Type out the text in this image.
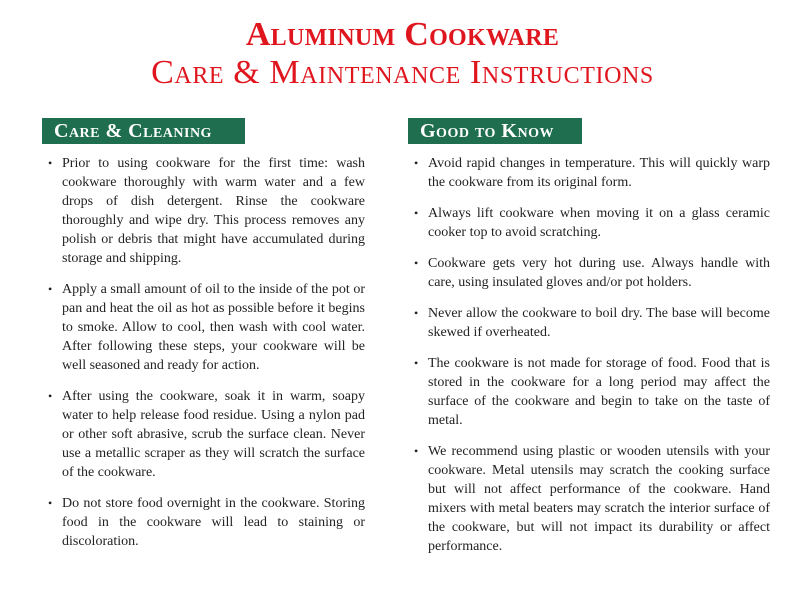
Aluminum Cookware
Care & Maintenance Instructions
Care & Cleaning
• Prior to using cookware for the first time: wash cookware thoroughly with warm water and a few drops of dish detergent. Rinse the cookware thoroughly and wipe dry. This process removes any polish or debris that might have accumulated during storage and shipping.
• Apply a small amount of oil to the inside of the pot or pan and heat the oil as hot as possible before it begins to smoke. Allow to cool, then wash with cool water. After following these steps, your cookware will be well seasoned and ready for action.
• After using the cookware, soak it in warm, soapy water to help release food residue. Using a nylon pad or other soft abrasive, scrub the surface clean. Never use a metallic scraper as they will scratch the surface of the cookware.
• Do not store food overnight in the cookware. Storing food in the cookware will lead to staining or discoloration.
Good to Know
• Avoid rapid changes in temperature. This will quickly warp the cookware from its original form.
• Always lift cookware when moving it on a glass ceramic cooker top to avoid scratching.
• Cookware gets very hot during use. Always handle with care, using insulated gloves and/or pot holders.
• Never allow the cookware to boil dry. The base will become skewed if overheated.
• The cookware is not made for storage of food. Food that is stored in the cookware for a long period may affect the surface of the cookware and begin to take on the taste of metal.
• We recommend using plastic or wooden utensils with your cookware. Metal utensils may scratch the cooking surface but will not affect performance of the cookware. Hand mixers with metal beaters may scratch the interior surface of the cookware, but will not impact its durability or affect performance.
